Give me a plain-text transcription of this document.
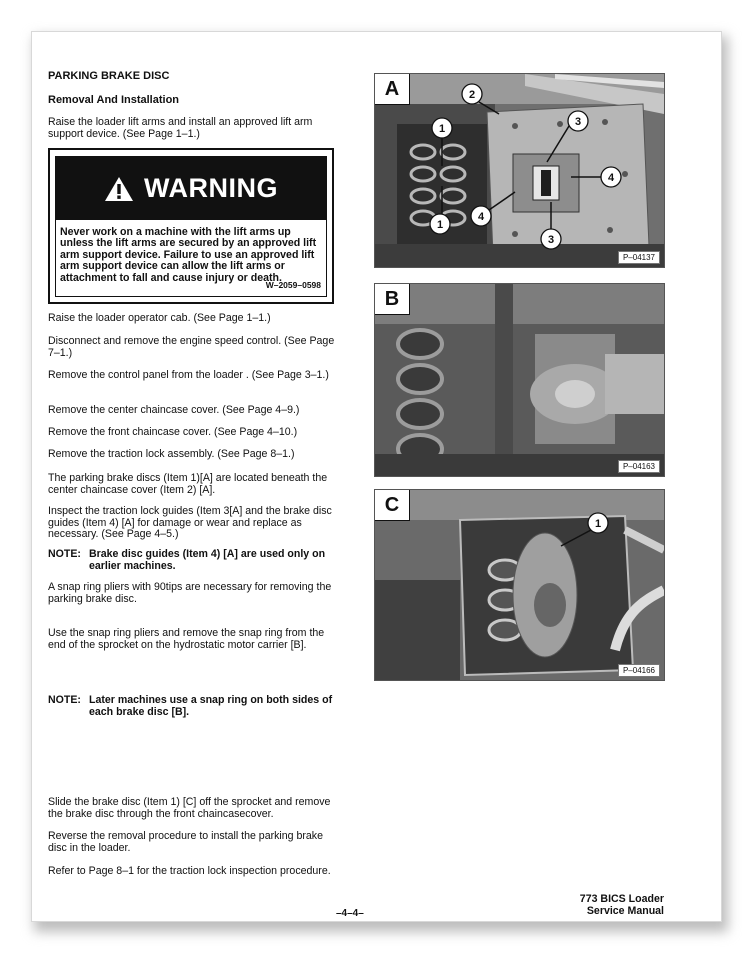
PARKING BRAKE DISC
Removal And Installation
Raise the loader lift arms and install an approved lift arm support device. (See Page 1–1.)
WARNING
Never work on a machine with the lift arms up unless the lift arms are secured by an approved lift arm support device. Failure to use an approved lift arm support device can allow the lift arms or attachment to fall and cause injury or death.
W–2059–0598
Raise the loader operator cab. (See Page 1–1.)
Disconnect and remove the engine speed control. (See Page 7–1.)
Remove the control panel from the loader . (See Page 3–1.)
Remove the center chaincase cover. (See Page 4–9.)
Remove the front chaincase cover. (See Page 4–10.)
Remove the traction lock assembly. (See Page 8–1.)
The parking brake discs (Item 1)[A] are located beneath the center chaincase cover (Item 2) [A].
Inspect the traction lock guides (Item 3[A] and the brake disc guides (Item 4) [A] for damage or wear and replace as necessary. (See Page 4–5.)
NOTE: Brake disc guides (Item 4) [A] are used only on earlier machines.
A snap ring pliers with 90tips are necessary for removing the parking brake disc.
Use the snap ring pliers and remove the snap ring from the end of the sprocket on the hydrostatic motor carrier [B].
NOTE: Later machines use a snap ring on both sides of each brake disc [B].
Slide the brake disc (Item 1) [C] off the sprocket and remove the brake disc through the front chaincasecover.
Reverse the removal procedure to install the parking brake disc in the loader.
Refer to Page 8–1 for the traction lock inspection procedure.
1
2
3
4
1
4
3
A
P–04137
B
P–04163
1
C
P–04166
–4–4–
773 BICS Loader
Service Manual
